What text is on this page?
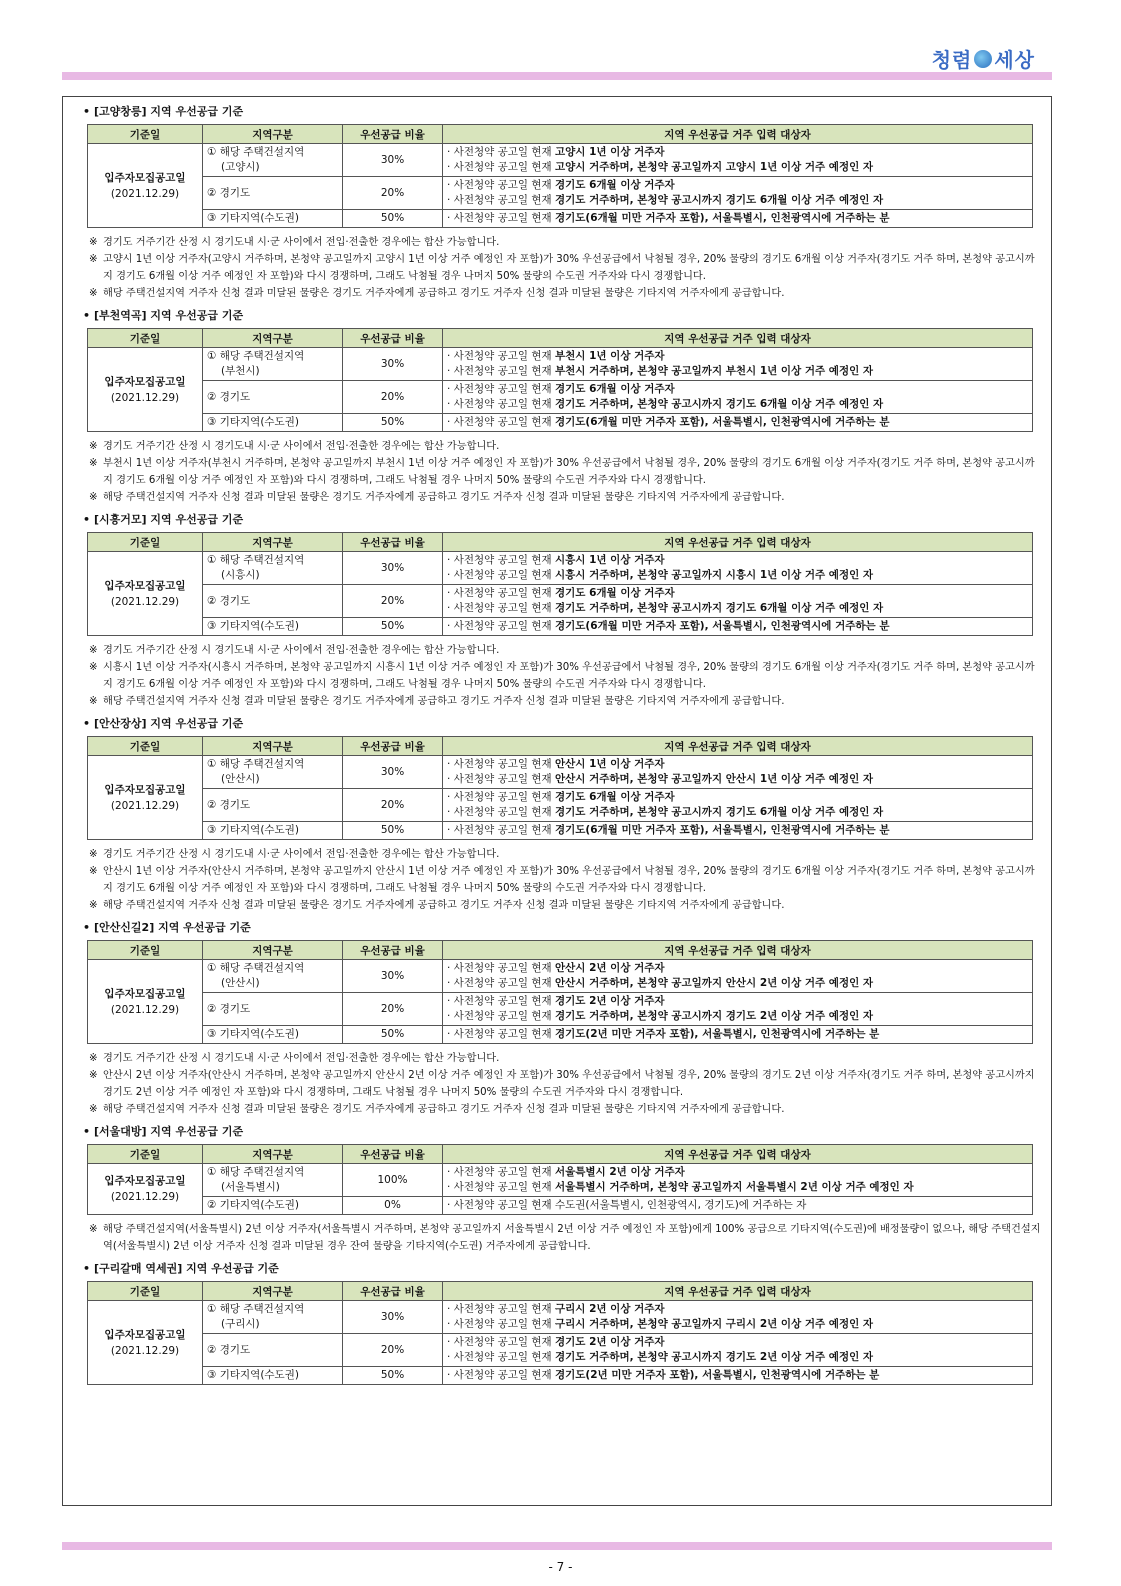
청렴 세상
• [고양창릉] 지역 우선공급 기준
기준일	지역구분	우선공급 비율	지역 우선공급 거주 입력 대상자
입주자모집공고일
(2021.12.29)	① 해당 주택건설지역
(고양시)	30%	· 사전청약 공고일 현재 고양시 1년 이상 거주자
· 사전청약 공고일 현재 고양시 거주하며, 본청약 공고일까지 고양시 1년 이상 거주 예정인 자

	② 경기도	20%	· 사전청약 공고일 현재 경기도 6개월 이상 거주자
· 사전청약 공고일 현재 경기도 거주하며, 본청약 공고시까지 경기도 6개월 이상 거주 예정인 자

	③ 기타지역(수도권)	50%	· 사전청약 공고일 현재 경기도(6개월 미만 거주자 포함), 서울특별시, 인천광역시에 거주하는 분
※ 경기도 거주기간 산정 시 경기도내 시·군 사이에서 전입·전출한 경우에는 합산 가능합니다.
※ 고양시 1년 이상 거주자(고양시 거주하며, 본청약 공고일까지 고양시 1년 이상 거주 예정인 자 포함)가 30% 우선공급에서 낙첨될 경우, 20% 물량의 경기도 6개월 이상 거주자(경기도 거주 하며, 본청약 공고시까지 경기도 6개월 이상 거주 예정인 자 포함)와 다시 경쟁하며, 그래도 낙첨될 경우 나머지 50% 물량의 수도권 거주자와 다시 경쟁합니다.
※ 해당 주택건설지역 거주자 신청 결과 미달된 물량은 경기도 거주자에게 공급하고 경기도 거주자 신청 결과 미달된 물량은 기타지역 거주자에게 공급합니다.
• [부천역곡] 지역 우선공급 기준
기준일	지역구분	우선공급 비율	지역 우선공급 거주 입력 대상자
입주자모집공고일
(2021.12.29)	① 해당 주택건설지역
(부천시)	30%	· 사전청약 공고일 현재 부천시 1년 이상 거주자
· 사전청약 공고일 현재 부천시 거주하며, 본청약 공고일까지 부천시 1년 이상 거주 예정인 자

	② 경기도	20%	· 사전청약 공고일 현재 경기도 6개월 이상 거주자
· 사전청약 공고일 현재 경기도 거주하며, 본청약 공고시까지 경기도 6개월 이상 거주 예정인 자

	③ 기타지역(수도권)	50%	· 사전청약 공고일 현재 경기도(6개월 미만 거주자 포함), 서울특별시, 인천광역시에 거주하는 분
※ 경기도 거주기간 산정 시 경기도내 시·군 사이에서 전입·전출한 경우에는 합산 가능합니다.
※ 부천시 1년 이상 거주자(부천시 거주하며, 본청약 공고일까지 부천시 1년 이상 거주 예정인 자 포함)가 30% 우선공급에서 낙첨될 경우, 20% 물량의 경기도 6개월 이상 거주자(경기도 거주 하며, 본청약 공고시까지 경기도 6개월 이상 거주 예정인 자 포함)와 다시 경쟁하며, 그래도 낙첨될 경우 나머지 50% 물량의 수도권 거주자와 다시 경쟁합니다.
※ 해당 주택건설지역 거주자 신청 결과 미달된 물량은 경기도 거주자에게 공급하고 경기도 거주자 신청 결과 미달된 물량은 기타지역 거주자에게 공급합니다.
• [시흥거모] 지역 우선공급 기준
기준일	지역구분	우선공급 비율	지역 우선공급 거주 입력 대상자
입주자모집공고일
(2021.12.29)	① 해당 주택건설지역
(시흥시)	30%	· 사전청약 공고일 현재 시흥시 1년 이상 거주자
· 사전청약 공고일 현재 시흥시 거주하며, 본청약 공고일까지 시흥시 1년 이상 거주 예정인 자

	② 경기도	20%	· 사전청약 공고일 현재 경기도 6개월 이상 거주자
· 사전청약 공고일 현재 경기도 거주하며, 본청약 공고시까지 경기도 6개월 이상 거주 예정인 자

	③ 기타지역(수도권)	50%	· 사전청약 공고일 현재 경기도(6개월 미만 거주자 포함), 서울특별시, 인천광역시에 거주하는 분
※ 경기도 거주기간 산정 시 경기도내 시·군 사이에서 전입·전출한 경우에는 합산 가능합니다.
※ 시흥시 1년 이상 거주자(시흥시 거주하며, 본청약 공고일까지 시흥시 1년 이상 거주 예정인 자 포함)가 30% 우선공급에서 낙첨될 경우, 20% 물량의 경기도 6개월 이상 거주자(경기도 거주 하며, 본청약 공고시까지 경기도 6개월 이상 거주 예정인 자 포함)와 다시 경쟁하며, 그래도 낙첨될 경우 나머지 50% 물량의 수도권 거주자와 다시 경쟁합니다.
※ 해당 주택건설지역 거주자 신청 결과 미달된 물량은 경기도 거주자에게 공급하고 경기도 거주자 신청 결과 미달된 물량은 기타지역 거주자에게 공급합니다.
• [안산장상] 지역 우선공급 기준
기준일	지역구분	우선공급 비율	지역 우선공급 거주 입력 대상자
입주자모집공고일
(2021.12.29)	① 해당 주택건설지역
(안산시)	30%	· 사전청약 공고일 현재 안산시 1년 이상 거주자
· 사전청약 공고일 현재 안산시 거주하며, 본청약 공고일까지 안산시 1년 이상 거주 예정인 자

	② 경기도	20%	· 사전청약 공고일 현재 경기도 6개월 이상 거주자
· 사전청약 공고일 현재 경기도 거주하며, 본청약 공고시까지 경기도 6개월 이상 거주 예정인 자

	③ 기타지역(수도권)	50%	· 사전청약 공고일 현재 경기도(6개월 미만 거주자 포함), 서울특별시, 인천광역시에 거주하는 분
※ 경기도 거주기간 산정 시 경기도내 시·군 사이에서 전입·전출한 경우에는 합산 가능합니다.
※ 안산시 1년 이상 거주자(안산시 거주하며, 본청약 공고일까지 안산시 1년 이상 거주 예정인 자 포함)가 30% 우선공급에서 낙첨될 경우, 20% 물량의 경기도 6개월 이상 거주자(경기도 거주 하며, 본청약 공고시까지 경기도 6개월 이상 거주 예정인 자 포함)와 다시 경쟁하며, 그래도 낙첨될 경우 나머지 50% 물량의 수도권 거주자와 다시 경쟁합니다.
※ 해당 주택건설지역 거주자 신청 결과 미달된 물량은 경기도 거주자에게 공급하고 경기도 거주자 신청 결과 미달된 물량은 기타지역 거주자에게 공급합니다.
• [안산신길2] 지역 우선공급 기준
기준일	지역구분	우선공급 비율	지역 우선공급 거주 입력 대상자
입주자모집공고일
(2021.12.29)	① 해당 주택건설지역
(안산시)	30%	· 사전청약 공고일 현재 안산시 2년 이상 거주자
· 사전청약 공고일 현재 안산시 거주하며, 본청약 공고일까지 안산시 2년 이상 거주 예정인 자

	② 경기도	20%	· 사전청약 공고일 현재 경기도 2년 이상 거주자
· 사전청약 공고일 현재 경기도 거주하며, 본청약 공고시까지 경기도 2년 이상 거주 예정인 자

	③ 기타지역(수도권)	50%	· 사전청약 공고일 현재 경기도(2년 미만 거주자 포함), 서울특별시, 인천광역시에 거주하는 분
※ 경기도 거주기간 산정 시 경기도내 시·군 사이에서 전입·전출한 경우에는 합산 가능합니다.
※ 안산시 2년 이상 거주자(안산시 거주하며, 본청약 공고일까지 안산시 2년 이상 거주 예정인 자 포함)가 30% 우선공급에서 낙첨될 경우, 20% 물량의 경기도 2년 이상 거주자(경기도 거주 하며, 본청약 공고시까지 경기도 2년 이상 거주 예정인 자 포함)와 다시 경쟁하며, 그래도 낙첨될 경우 나머지 50% 물량의 수도권 거주자와 다시 경쟁합니다.
※ 해당 주택건설지역 거주자 신청 결과 미달된 물량은 경기도 거주자에게 공급하고 경기도 거주자 신청 결과 미달된 물량은 기타지역 거주자에게 공급합니다.
• [서울대방] 지역 우선공급 기준
기준일	지역구분	우선공급 비율	지역 우선공급 거주 입력 대상자
입주자모집공고일
(2021.12.29)	① 해당 주택건설지역
(서울특별시)	100%	· 사전청약 공고일 현재 서울특별시 2년 이상 거주자
· 사전청약 공고일 현재 서울특별시 거주하며, 본청약 공고일까지 서울특별시 2년 이상 거주 예정인 자

	② 기타지역(수도권)	0%	· 사전청약 공고일 현재 수도권(서울특별시, 인천광역시, 경기도)에 거주하는 자
※ 해당 주택건설지역(서울특별시) 2년 이상 거주자(서울특별시 거주하며, 본청약 공고일까지 서울특별시 2년 이상 거주 예정인 자 포함)에게 100% 공급으로 기타지역(수도권)에 배정물량이 없으나, 해당 주택건설지역(서울특별시) 2년 이상 거주자 신청 결과 미달된 경우 잔여 물량을 기타지역(수도권) 거주자에게 공급합니다.
• [구리갈매 역세권] 지역 우선공급 기준
기준일	지역구분	우선공급 비율	지역 우선공급 거주 입력 대상자
입주자모집공고일
(2021.12.29)	① 해당 주택건설지역
(구리시)	30%	· 사전청약 공고일 현재 구리시 2년 이상 거주자
· 사전청약 공고일 현재 구리시 거주하며, 본청약 공고일까지 구리시 2년 이상 거주 예정인 자

	② 경기도	20%	· 사전청약 공고일 현재 경기도 2년 이상 거주자
· 사전청약 공고일 현재 경기도 거주하며, 본청약 공고시까지 경기도 2년 이상 거주 예정인 자

	③ 기타지역(수도권)	50%	· 사전청약 공고일 현재 경기도(2년 미만 거주자 포함), 서울특별시, 인천광역시에 거주하는 분
- 7 -
